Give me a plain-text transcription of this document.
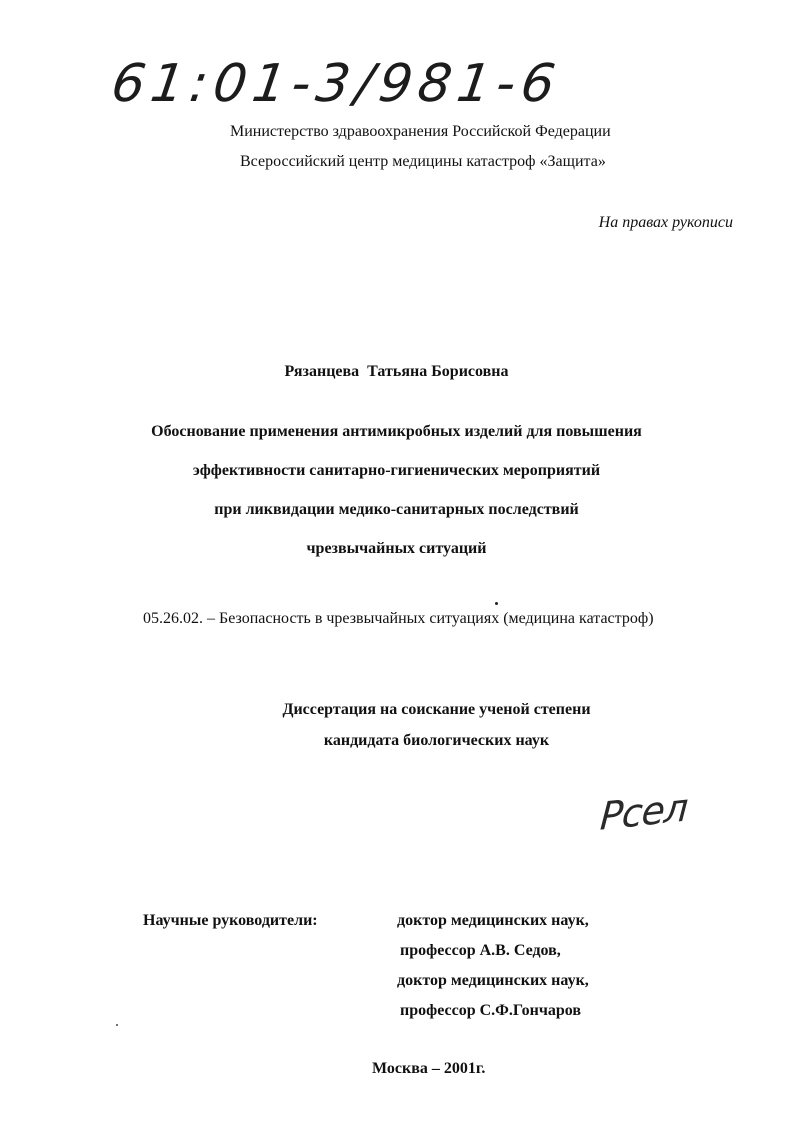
61:01-3/981-6
Министерство здравоохранения Российской Федерации
Всероссийский центр медицины катастроф «Защита»
На правах рукописи
Рязанцева  Татьяна Борисовна
Обоснование применения антимикробных изделий для повышения
эффективности санитарно-гигиенических мероприятий
при ликвидации медико-санитарных последствий
чрезвычайных ситуаций
05.26.02. – Безопасность в чрезвычайных ситуациях (медицина катастроф)
Диссертация на соискание ученой степени
кандидата биологических наук
Рсел
Научные руководители:	доктор медицинских наук,
профессор А.В. Седов,
доктор медицинских наук,
профессор С.Ф.Гончаров
Москва – 2001г.
